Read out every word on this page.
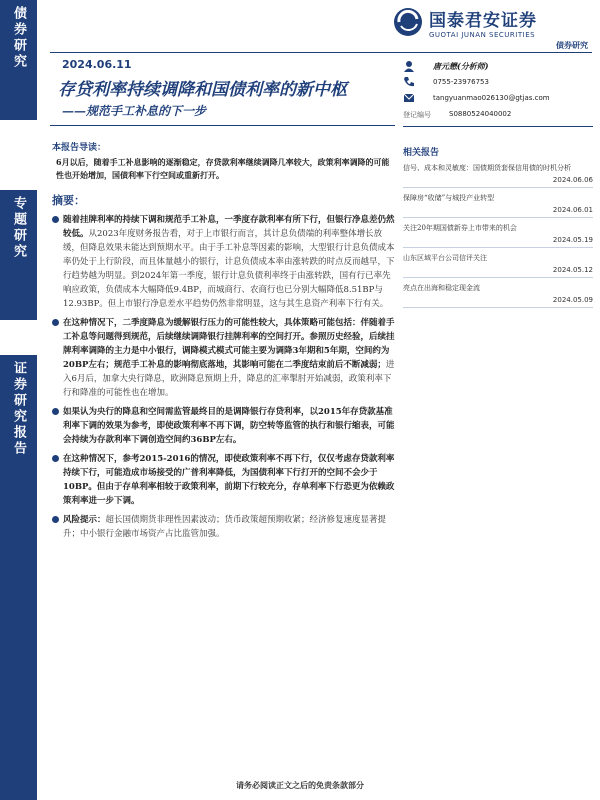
债券研究
专题研究
证券研究报告
国泰君安证券
GUOTAI JUNAN SECURITIES
债券研究
2024.06.11
存贷利率持续调降和国债利率的新中枢
——规范手工补息的下一步
本报告导读：
6月以后，随着手工补息影响的逐渐稳定，存贷款利率继续调降几率较大，政策利率调降的可能性也开始增加，国债利率下行空间或重新打开。
摘要：
随着挂牌利率的持续下调和规范手工补息，一季度存款利率有所下行，但银行净息差仍然较低。从2023年度财务报告看，对于上市银行而言，其计息负债端的利率整体增长放缓，但降息效果未能达到预期水平。由于手工补息等因素的影响，大型银行计息负债成本率仍处于上行阶段，而且体量越小的银行，计息负债成本率由涨转跌的时点反而越早，下行趋势越为明显。到2024年第一季度，银行计息负债利率终于由涨转跌，国有行已率先响应政策，负债成本大幅降低9.4BP，而城商行、农商行也已分别大幅降低8.51BP与12.93BP。但上市银行净息差水平趋势仍然非常明显，这与其生息资产利率下行有关。
在这种情况下，二季度降息为缓解银行压力的可能性较大，具体策略可能包括：伴随着手工补息等问题得到规范，后续继续调降银行挂牌利率的空间打开。参照历史经验，后续挂牌利率调降的主力是中小银行，调降模式模式可能主要为调降3年期和5年期，空间约为20BP左右；规范手工补息的影响彻底落地，其影响可能在二季度结束前后不断减弱；进入6月后，加拿大央行降息，欧洲降息预期上升，降息的汇率掣肘开始减弱，政策利率下行和降准的可能性也在增加。
如果认为央行的降息和空间需监管最终目的是调降银行存贷利率，以2015年存贷款基准利率下调的效果为参考，即使政策利率不再下调，防空转等监管的执行和银行缩表，可能会持续为存款利率下调创造空间约36BP左右。
在这种情况下，参考2015-2016的情况，即使政策利率不再下行，仅仅考虑存贷款利率持续下行，可能造成市场接受的广普利率降低，为国债利率下行打开的空间不会少于10BP。但由于存单利率相较于政策利率，前期下行较充分，存单利率下行恐更为依赖政策利率进一步下调。
风险提示：超长国债期货非理性因素波动；货币政策超预期收紧；经济修复速度显著提升；中小银行金融市场资产占比监管加强。
唐元懋(分析师)
0755-23976753
tangyuanmao026130@gtjas.com
登记编号	S0880524040002
相关报告
信号、成本和灵敏度：国债期货套保信用债的时机分析
2024.06.06
保障房“收储”与城投产业转型
2024.06.01
关注20年期国债新券上市带来的机会
2024.05.19
山东区域平台公司信评关注
2024.05.12
亮点在出海和稳定现金流
2024.05.09
请务必阅读正文之后的免责条款部分
